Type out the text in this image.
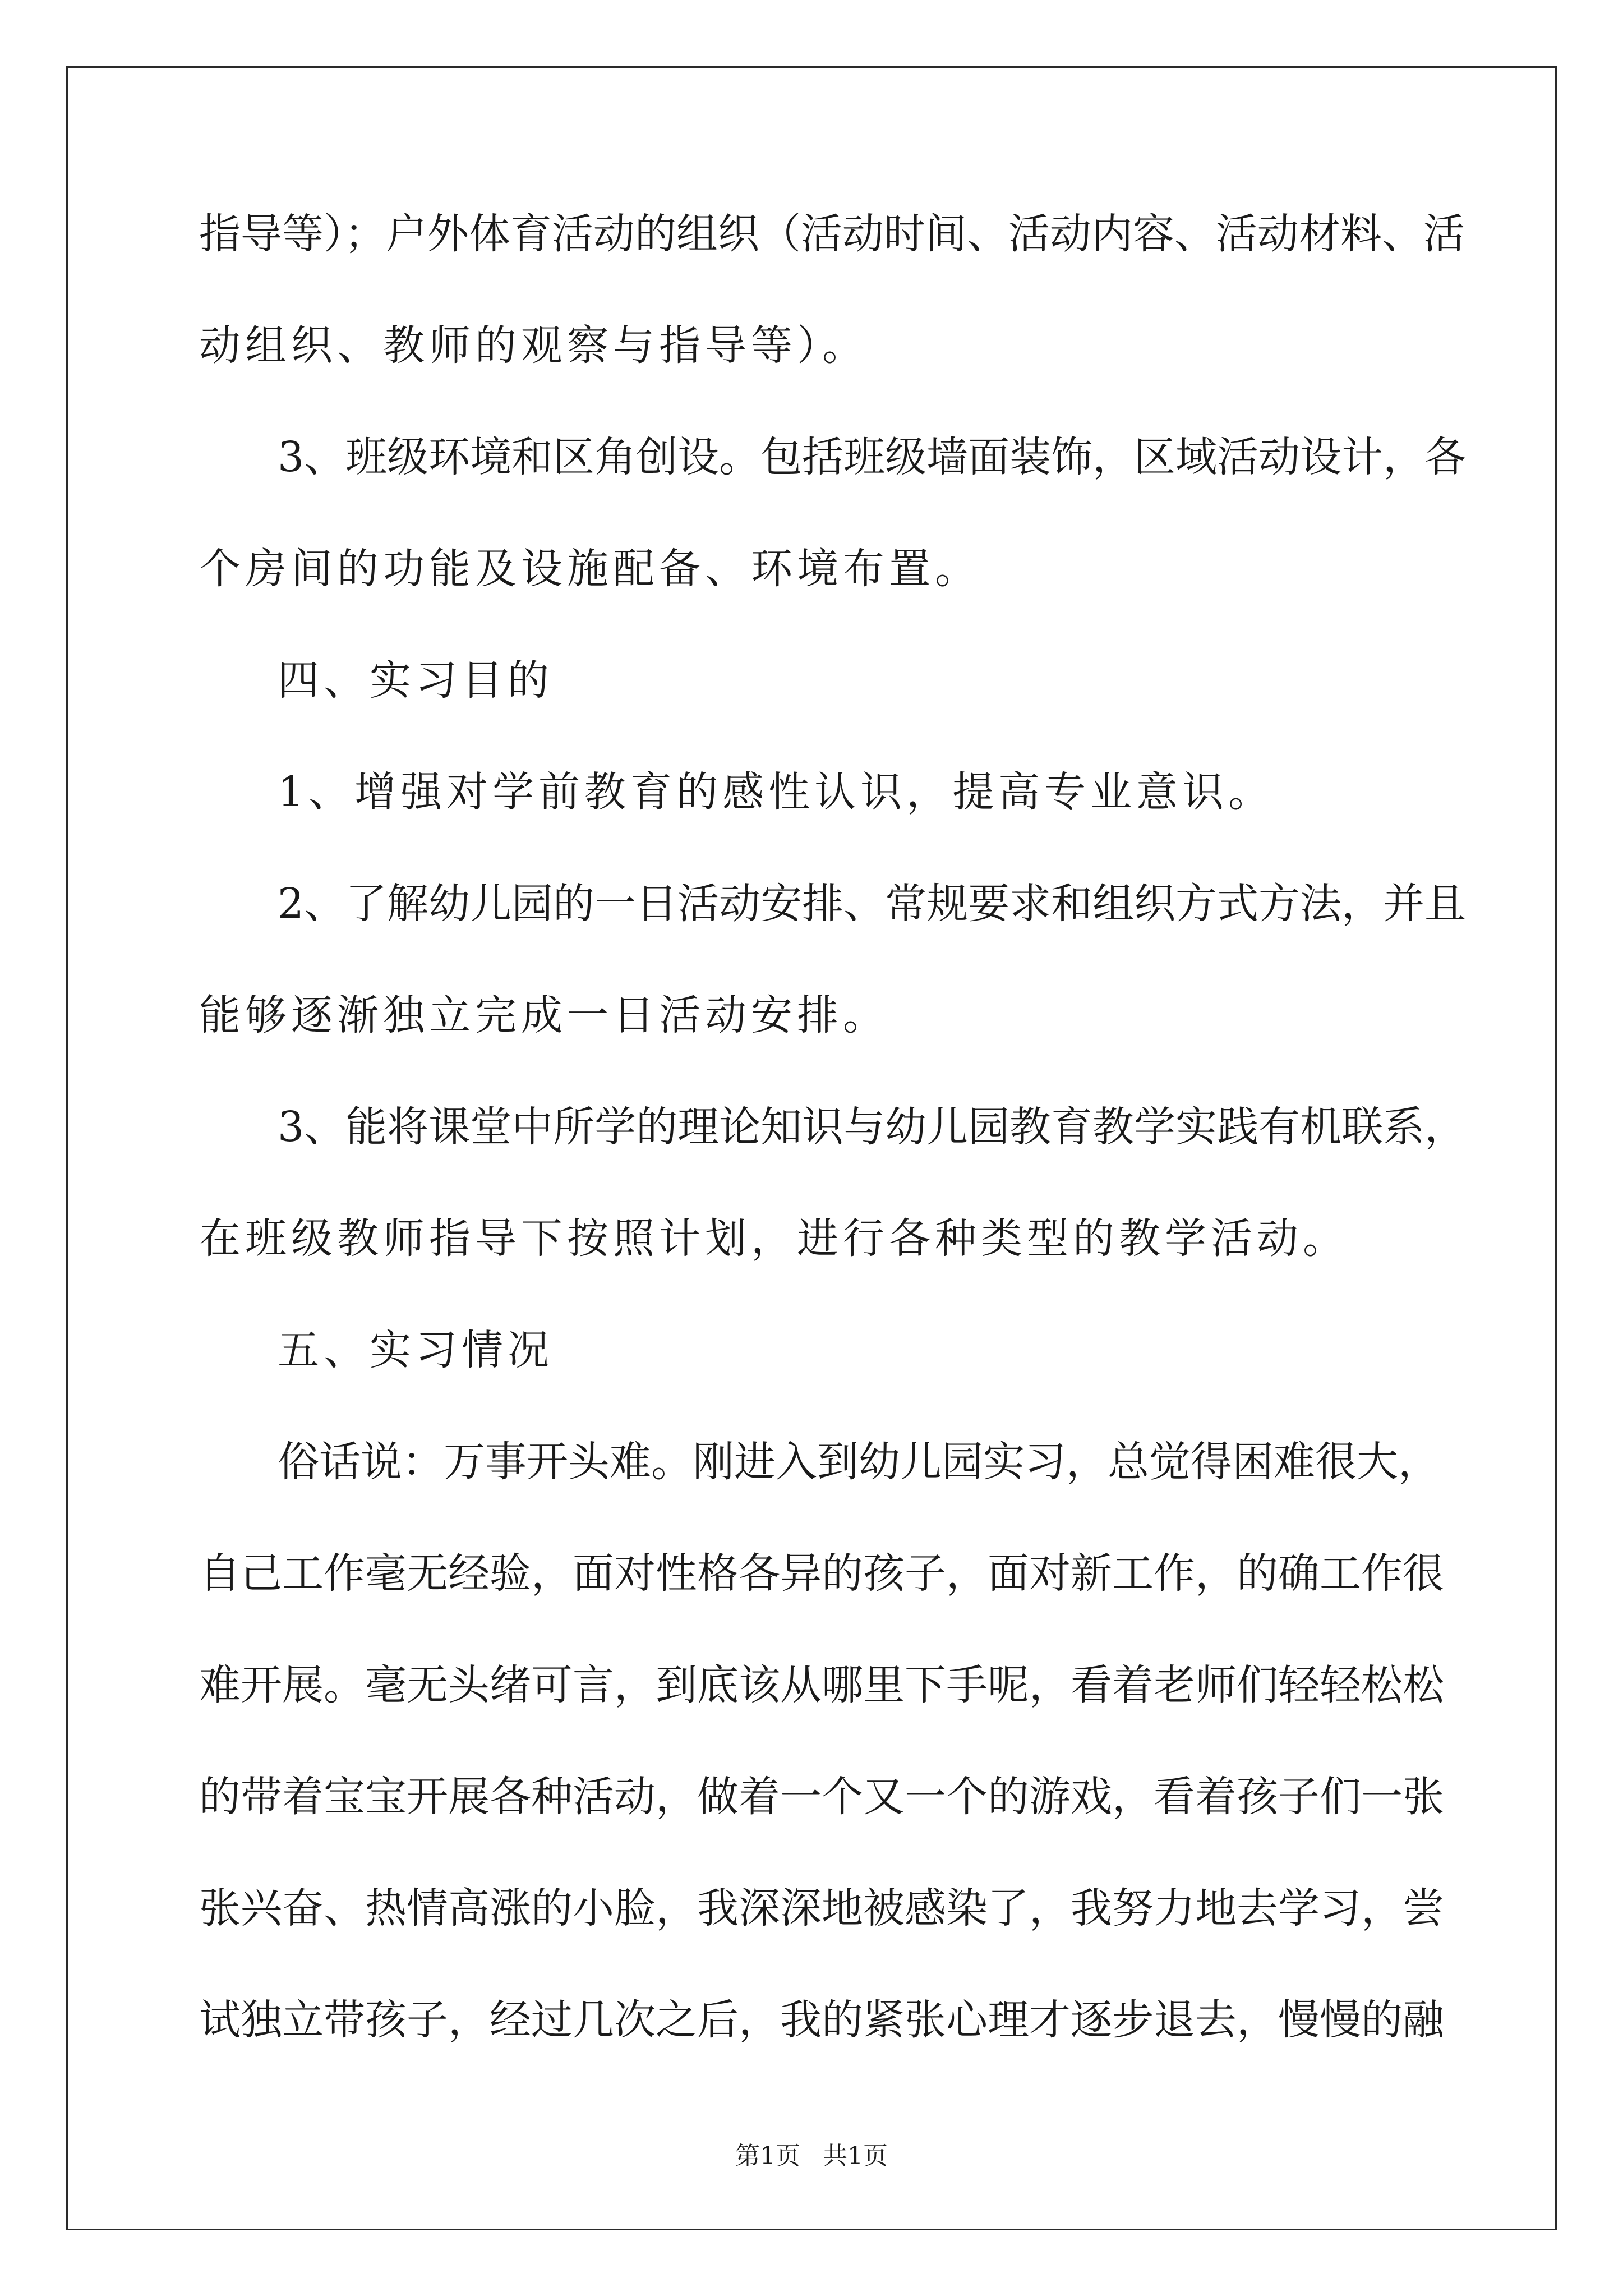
指导等）；户外体育活动的组织（活动时间、活动内容、活动材料、活
动组织、教师的观察与指导等）。
3、班级环境和区角创设。包括班级墙面装饰，区域活动设计，各
个房间的功能及设施配备、环境布置。
四、实习目的
1、增强对学前教育的感性认识，提高专业意识。
2、了解幼儿园的一日活动安排、常规要求和组织方式方法，并且
能够逐渐独立完成一日活动安排。
3、能将课堂中所学的理论知识与幼儿园教育教学实践有机联系，
在班级教师指导下按照计划，进行各种类型的教学活动。
五、实习情况
俗话说：万事开头难。刚进入到幼儿园实习，总觉得困难很大，
自己工作毫无经验，面对性格各异的孩子，面对新工作，的确工作很
难开展。毫无头绪可言，到底该从哪里下手呢，看着老师们轻轻松松
的带着宝宝开展各种活动，做着一个又一个的游戏，看着孩子们一张
张兴奋、热情高涨的小脸，我深深地被感染了，我努力地去学习，尝
试独立带孩子，经过几次之后，我的紧张心理才逐步退去，慢慢的融
第1页 共1页
